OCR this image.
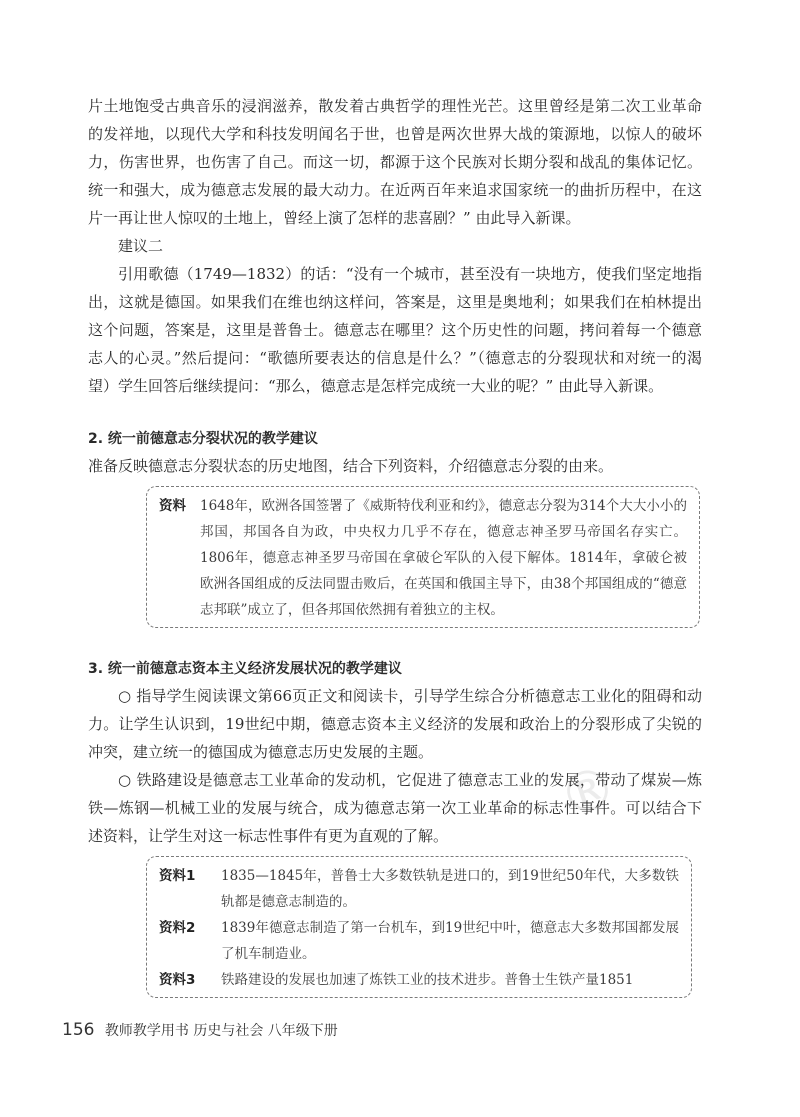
®

片土地饱受古典音乐的浸润滋养，散发着古典哲学的理性光芒。这里曾经是第二次工业革命的发祥地，以现代大学和科技发明闻名于世，也曾是两次世界大战的策源地，以惊人的破坏力，伤害世界，也伤害了自己。而这一切，都源于这个民族对长期分裂和战乱的集体记忆。统一和强大，成为德意志发展的最大动力。在近两百年来追求国家统一的曲折历程中，在这片一再让世人惊叹的土地上，曾经上演了怎样的悲喜剧？” 由此导入新课。

建议二

引用歌德（1749—1832）的话：“没有一个城市，甚至没有一块地方，使我们坚定地指出，这就是德国。如果我们在维也纳这样问，答案是，这里是奥地利；如果我们在柏林提出这个问题，答案是，这里是普鲁士。德意志在哪里？这个历史性的问题，拷问着每一个德意志人的心灵。”然后提问：“歌德所要表达的信息是什么？”（德意志的分裂现状和对统一的渴望）学生回答后继续提问：“那么，德意志是怎样完成统一大业的呢？” 由此导入新课。

2. 统一前德意志分裂状况的教学建议

准备反映德意志分裂状态的历史地图，结合下列资料，介绍德意志分裂的由来。

资料 1648年，欧洲各国签署了《威斯特伐利亚和约》，德意志分裂为314个大大小小的邦国，邦国各自为政，中央权力几乎不存在，德意志神圣罗马帝国名存实亡。1806年，德意志神圣罗马帝国在拿破仑军队的入侵下解体。1814年，拿破仑被欧洲各国组成的反法同盟击败后，在英国和俄国主导下，由38个邦国组成的“德意志邦联”成立了，但各邦国依然拥有着独立的主权。
3. 统一前德意志资本主义经济发展状况的教学建议

○ 指导学生阅读课文第66页正文和阅读卡，引导学生综合分析德意志工业化的阻碍和动力。让学生认识到，19世纪中期，德意志资本主义经济的发展和政治上的分裂形成了尖锐的冲突，建立统一的德国成为德意志历史发展的主题。

○ 铁路建设是德意志工业革命的发动机，它促进了德意志工业的发展，带动了煤炭—炼铁—炼钢—机械工业的发展与统合，成为德意志第一次工业革命的标志性事件。可以结合下述资料，让学生对这一标志性事件有更为直观的了解。

资料1	1835—1845年，普鲁士大多数铁轨是进口的，到19世纪50年代，大多数铁轨都是德意志制造的。
资料2	1839年德意志制造了第一台机车，到19世纪中叶，德意志大多数邦国都发展了机车制造业。
资料3	铁路建设的发展也加速了炼铁工业的技术进步。普鲁士生铁产量1851
156 教师教学用书 历史与社会 八年级下册
